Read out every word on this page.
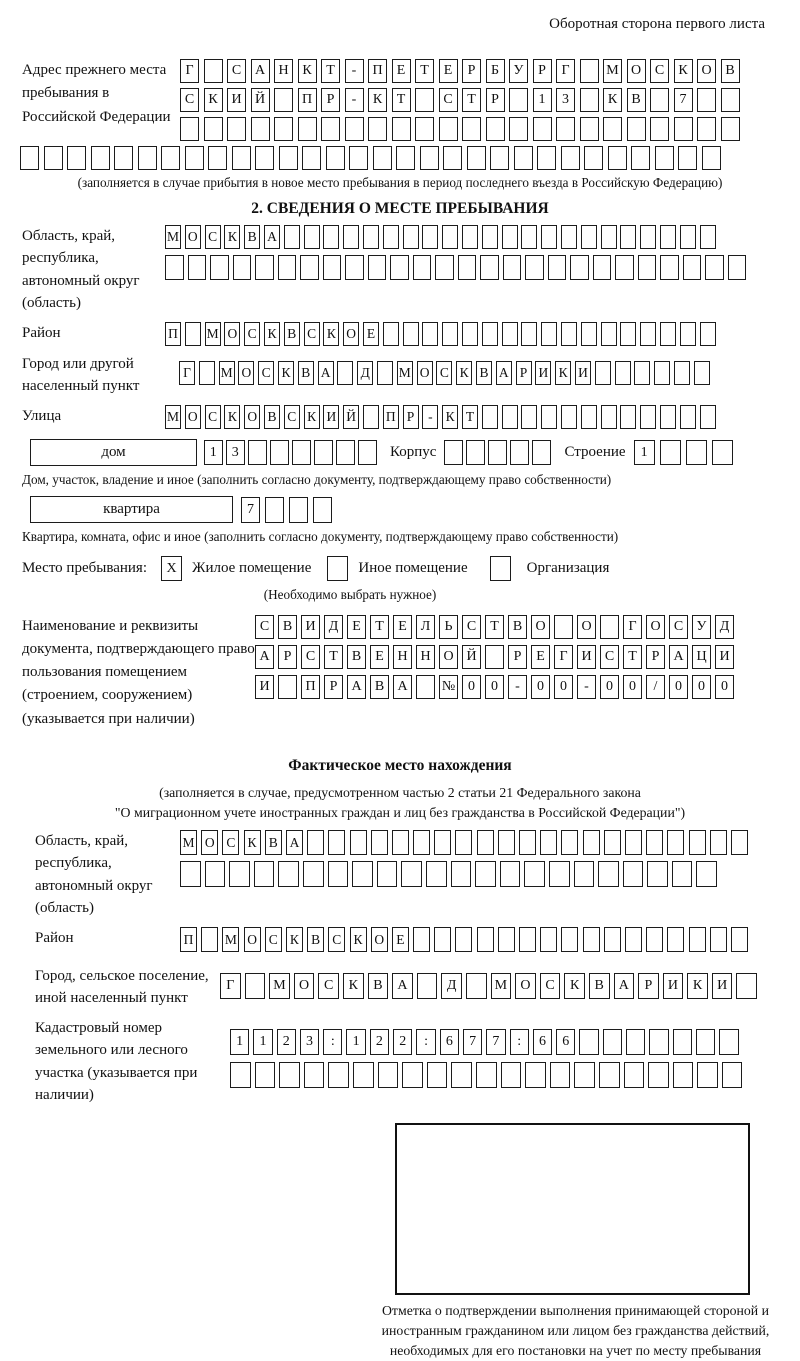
Оборотная сторона первого листа
Адрес прежнего места пребывания в Российской Федерации
Г	С А Н К Т - П Е Т Е Р Б У Р Г	М О С К О В
С К И Й	П Р - К Т	С Т Р	1 3	К В	7
(заполняется в случае прибытия в новое место пребывания в период последнего въезда в Российскую Федерацию)
2. СВЕДЕНИЯ О МЕСТЕ ПРЕБЫВАНИЯ
Область, край, республика, автономный округ (область)
М О С К В А
Район	П М О С К В С К О Е
Город или другой населенный пункт
Г М О С К В А Д М О С К В А Р И К И
Улица	М О С К О В С К И Й П Р - К Т
дом	1 3	Корпус	Строение	1
Дом, участок, владение и иное (заполнить согласно документу, подтверждающему право собственности)
квартира	7
Квартира, комната, офис и иное (заполнить согласно документу, подтверждающему право собственности)
Место пребывания:	X	Жилое помещение	Иное помещение	Организация
(Необходимо выбрать нужное)
Наименование и реквизиты документа, подтверждающего право пользования помещением (строением, сооружением) (указывается при наличии)
С В И Д Е Т Е Л Ь С Т В О	О	Г О С У Д
А Р С Т В Е Н Н О Й	Р Е Г И С Т Р А Ц И
И	П Р А В А № 0 0 - 0 0 - 0 0 / 0 0 0
Фактическое место нахождения
(заполняется в случае, предусмотренном частью 2 статьи 21 Федерального закона
"О миграционном учете иностранных граждан и лиц без гражданства в Российской Федерации")
Область, край, республика, автономный округ (область)
М О С К В А
Район	П М О С К В С К О Е
Город, сельское поселение, иной населенный пункт
Г	М О С К В А	Д	М О С К В А Р И К И
Кадастровый номер земельного или лесного участка (указывается при наличии)
1 1 2 3 : 1 2 2 : 6 7 7 : 6 6
Отметка о подтверждении выполнения принимающей стороной и иностранным гражданином или лицом без гражданства действий, необходимых для его постановки на учет по месту пребывания
